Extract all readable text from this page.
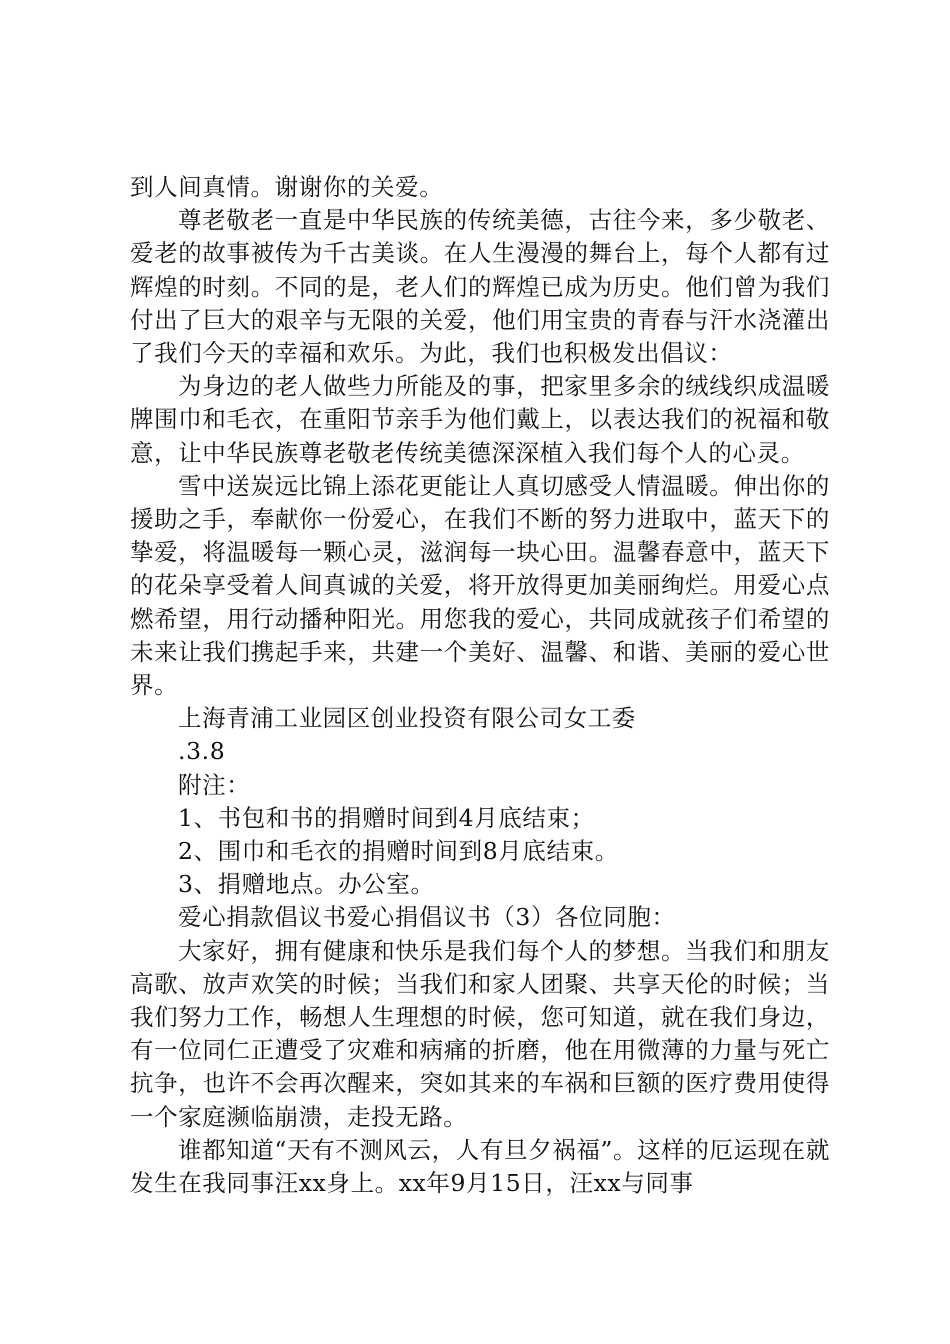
到人间真情。谢谢你的关爱。

尊老敬老一直是中华民族的传统美德，古往今来，多少敬老、爱老的故事被传为千古美谈。在人生漫漫的舞台上，每个人都有过辉煌的时刻。不同的是，老人们的辉煌已成为历史。他们曾为我们付出了巨大的艰辛与无限的关爱，他们用宝贵的青春与汗水浇灌出了我们今天的幸福和欢乐。为此，我们也积极发出倡议：

为身边的老人做些力所能及的事，把家里多余的绒线织成温暖牌围巾和毛衣，在重阳节亲手为他们戴上，以表达我们的祝福和敬意，让中华民族尊老敬老传统美德深深植入我们每个人的心灵。

雪中送炭远比锦上添花更能让人真切感受人情温暖。伸出你的援助之手，奉献你一份爱心，在我们不断的努力进取中，蓝天下的挚爱，将温暖每一颗心灵，滋润每一块心田。温馨春意中，蓝天下的花朵享受着人间真诚的关爱，将开放得更加美丽绚烂。用爱心点燃希望，用行动播种阳光。用您我的爱心，共同成就孩子们希望的未来让我们携起手来，共建一个美好、温馨、和谐、美丽的爱心世界。

上海青浦工业园区创业投资有限公司女工委

.3.8

附注：

1、书包和书的捐赠时间到4月底结束；

2、围巾和毛衣的捐赠时间到8月底结束。

3、捐赠地点。办公室。

爱心捐款倡议书爱心捐倡议书（3）各位同胞：

大家好，拥有健康和快乐是我们每个人的梦想。当我们和朋友高歌、放声欢笑的时候；当我们和家人团聚、共享天伦的时候；当我们努力工作，畅想人生理想的时候，您可知道，就在我们身边，有一位同仁正遭受了灾难和病痛的折磨，他在用微薄的力量与死亡抗争，也许不会再次醒来，突如其来的车祸和巨额的医疗费用使得一个家庭濒临崩溃，走投无路。

谁都知道“天有不测风云，人有旦夕祸福”。这样的厄运现在就发生在我同事汪xx身上。xx年9月15日，汪xx与同事
